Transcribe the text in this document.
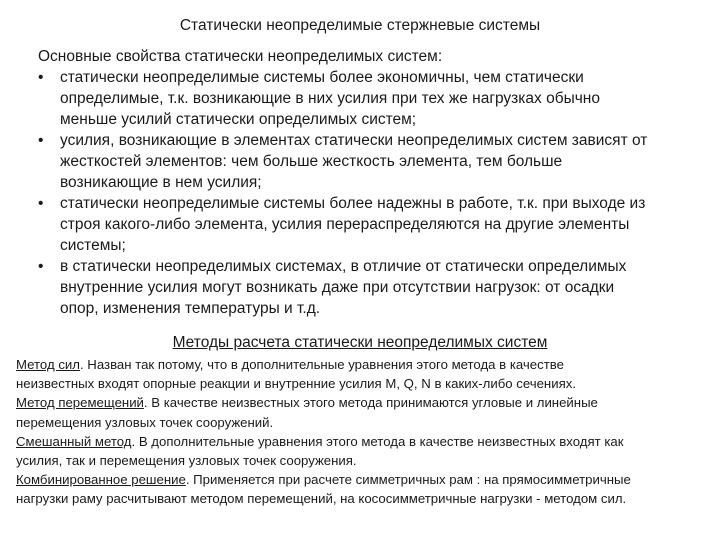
Статически неопределимые стержневые системы
Основные свойства статически неопределимых систем:
• статически неопределимые системы более экономичны, чем статически
определимые, т.к. возникающие в них усилия при тех же нагрузках обычно
меньше усилий статически определимых систем;
• усилия, возникающие в элементах статически неопределимых систем зависят от
жесткостей элементов: чем больше жесткость элемента, тем больше
возникающие в нем усилия;
• статически неопределимые системы более надежны в работе, т.к. при выходе из
строя какого-либо элемента, усилия перераспределяются на другие элементы
системы;
• в статически неопределимых системах, в отличие от статически определимых
внутренние усилия могут возникать даже при отсутствии нагрузок: от осадки
опор, изменения температуры и т.д.
Методы расчета статически неопределимых систем
Метод сил. Назван так потому, что в дополнительные уравнения этого метода в качестве
неизвестных входят опорные реакции и внутренние усилия M, Q, N в каких-либо сечениях.
Метод перемещений. В качестве неизвестных этого метода принимаются угловые и линейные
перемещения узловых точек сооружений.
Смешанный метод. В дополнительные уравнения этого метода в качестве неизвестных входят как
усилия, так и перемещения узловых точек сооружения.
Комбинированное решение. Применяется при расчете симметричных рам : на прямосимметричные
нагрузки раму расчитывают методом перемещений, на кососимметричные нагрузки - методом сил.
